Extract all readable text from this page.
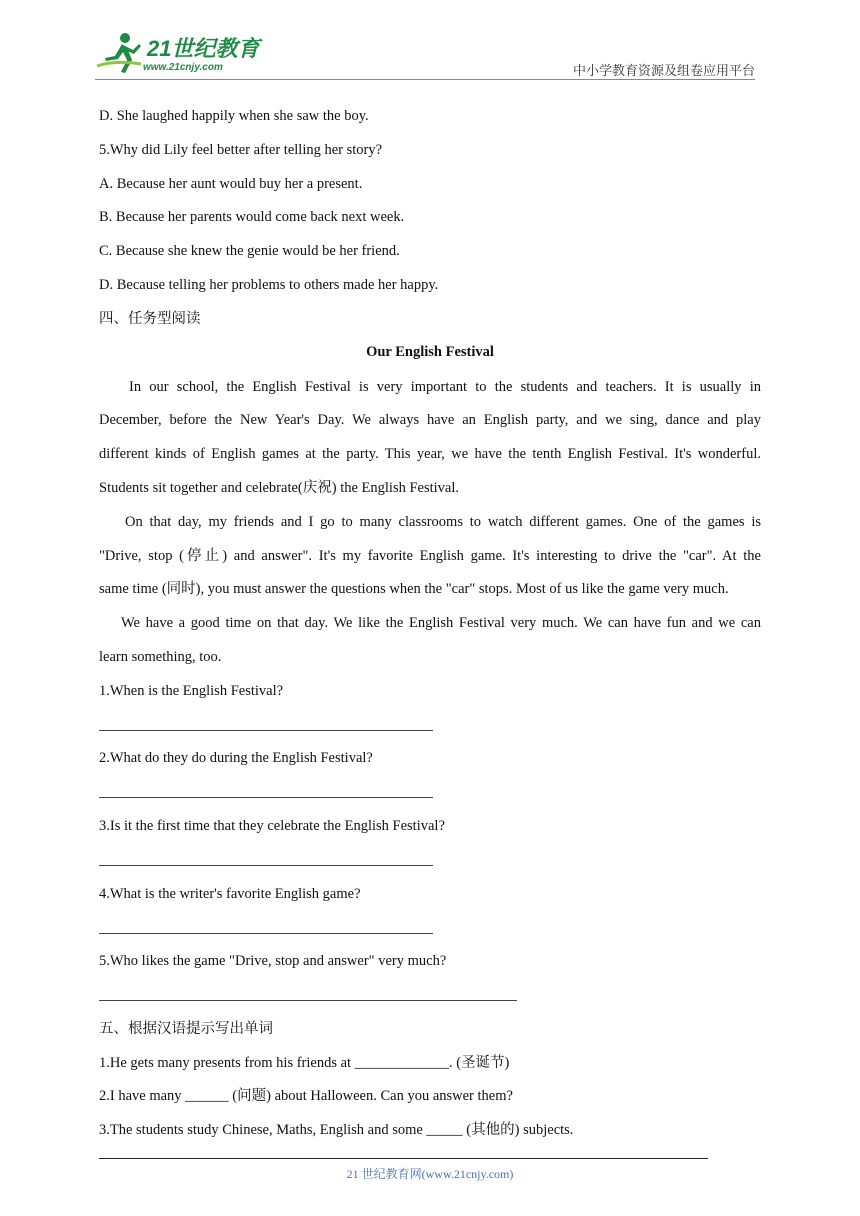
21世纪教育
www.21cnjy.com	中小学教育资源及组卷应用平台
D. She laughed happily when she saw the boy.
5.Why did Lily feel better after telling her story?
A. Because her aunt would buy her a present.
B. Because her parents would come back next week.
C. Because she knew the genie would be her friend.
D. Because telling her problems to others made her happy.
四、任务型阅读
Our English Festival
In our school, the English Festival is very important to the students and teachers. It is usually in
December, before the New Year's Day. We always have an English party, and we sing, dance and play
different kinds of English games at the party. This year, we have the tenth English Festival. It's wonderful.
Students sit together and celebrate(庆祝) the English Festival.
On that day, my friends and I go to many classrooms to watch different games. One of the games is
"Drive, stop (停止) and answer". It's my favorite English game. It's interesting to drive the "car". At the
same time (同时), you must answer the questions when the "car" stops. Most of us like the game very much.
We have a good time on that day. We like the English Festival very much. We can have fun and we can
learn something, too.
1.When is the English Festival?
2.What do they do during the English Festival?
3.Is it the first time that they celebrate the English Festival?
4.What is the writer's favorite English game?
5.Who likes the game "Drive, stop and answer" very much?
五、根据汉语提示写出单词
1.He gets many presents from his friends at _____________. (圣诞节)
2.I have many ______ (问题) about Halloween. Can you answer them?
3.The students study Chinese, Maths, English and some _____ (其他的) subjects.
21 世纪教育网(www.21cnjy.com)
